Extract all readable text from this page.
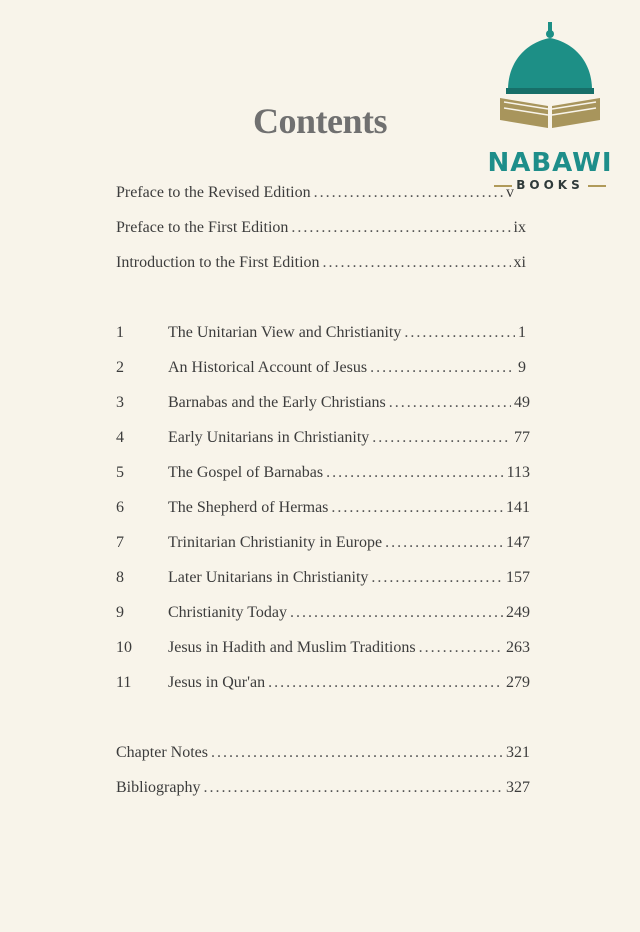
NABAWI
BOOKS
Contents
Preface to the Revised Edition . . .	v
Preface to the First Edition . . .	ix
Introduction to the First Edition . . .	xi
1	The Unitarian View and Christianity . . .	1
2	An Historical Account of Jesus . . .	9
3	Barnabas and the Early Christians . . .	49
4	Early Unitarians in Christianity . . .	77
5	The Gospel of Barnabas . . .	113
6	The Shepherd of Hermas . . .	141
7	Trinitarian Christianity in Europe . . .	147
8	Later Unitarians in Christianity . . .	157
9	Christianity Today . . .	249
10	Jesus in Hadith and Muslim Traditions . . .	263
11	Jesus in Qur'an . . .	279
Chapter Notes . . .	321
Bibliography . . .	327
